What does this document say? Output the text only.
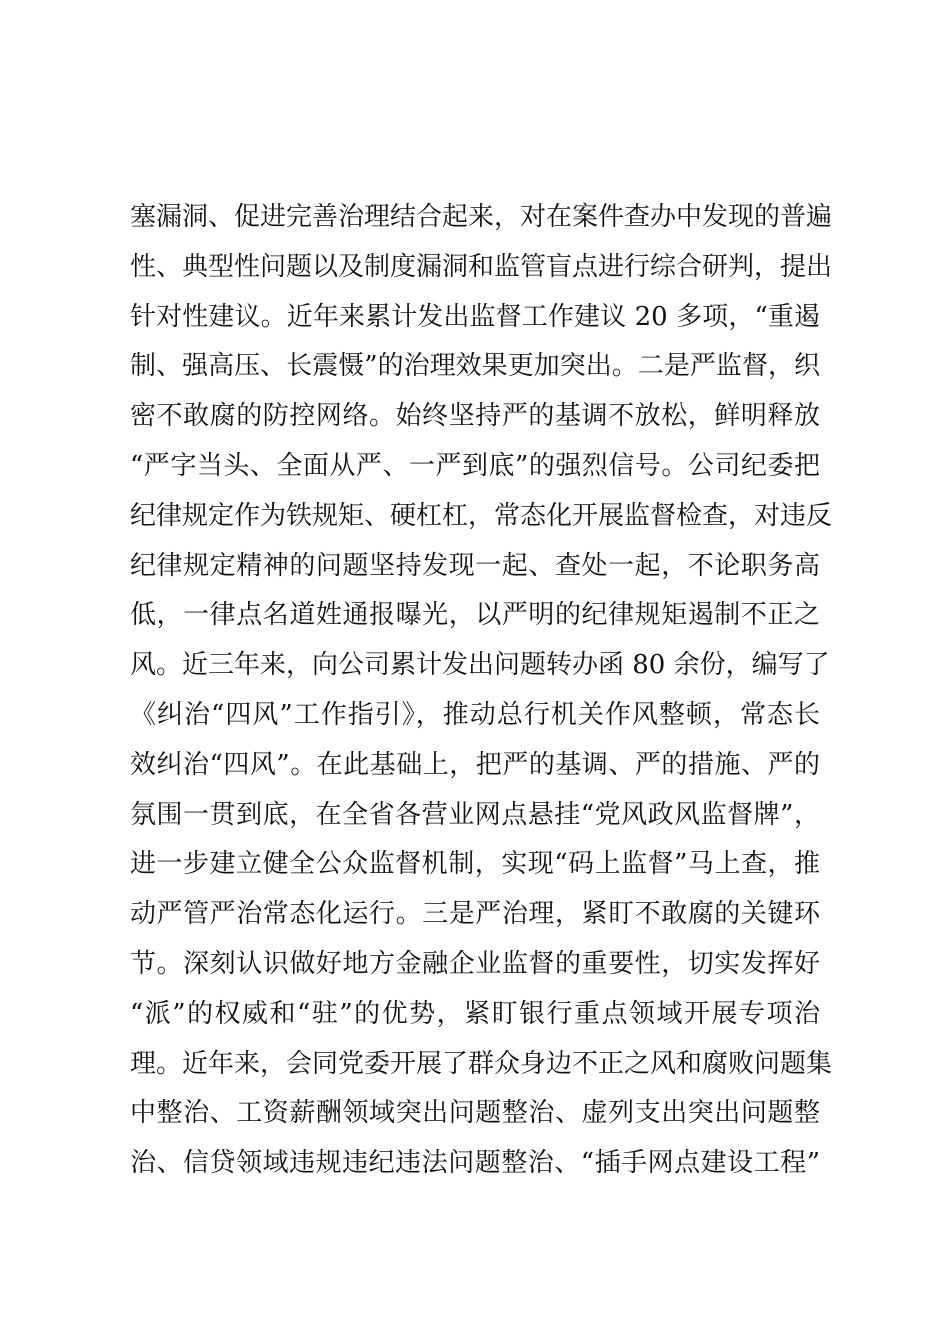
塞漏洞、促进完善治理结合起来，对在案件查办中发现的普遍
性、典型性问题以及制度漏洞和监管盲点进行综合研判，提出
针对性建议。近年来累计发出监督工作建议 20 多项，“重遏
制、强高压、长震慑”的治理效果更加突出。二是严监督，织
密不敢腐的防控网络。始终坚持严的基调不放松，鲜明释放
“严字当头、全面从严、一严到底”的强烈信号。公司纪委把
纪律规定作为铁规矩、硬杠杠，常态化开展监督检查，对违反
纪律规定精神的问题坚持发现一起、查处一起，不论职务高
低，一律点名道姓通报曝光，以严明的纪律规矩遏制不正之
风。近三年来，向公司累计发出问题转办函 80 余份，编写了
《纠治“四风”工作指引》，推动总行机关作风整顿，常态长
效纠治“四风”。在此基础上，把严的基调、严的措施、严的
氛围一贯到底，在全省各营业网点悬挂“党风政风监督牌”，
进一步建立健全公众监督机制，实现“码上监督”马上查，推
动严管严治常态化运行。三是严治理，紧盯不敢腐的关键环
节。深刻认识做好地方金融企业监督的重要性，切实发挥好
“派”的权威和“驻”的优势，紧盯银行重点领域开展专项治
理。近年来，会同党委开展了群众身边不正之风和腐败问题集
中整治、工资薪酬领域突出问题整治、虚列支出突出问题整
治、信贷领域违规违纪违法问题整治、“插手网点建设工程”
